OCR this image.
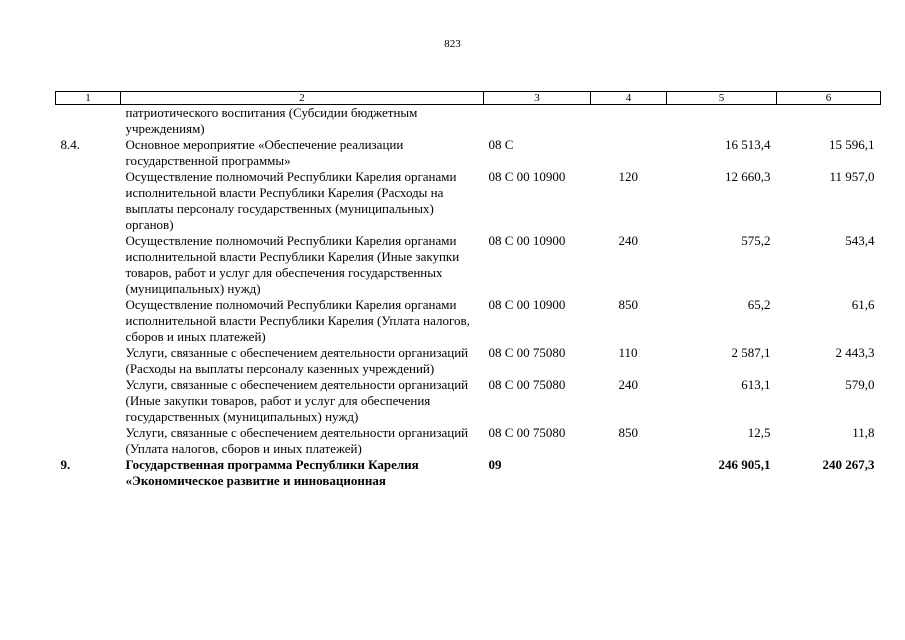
823
1	2	3	4	5	6
	патриотического воспитания (Субсидии бюджетным учреждениям)				
8.4.	Основное мероприятие «Обеспечение реализации государственной программы»	08 С		16 513,4	15 596,1
	Осуществление полномочий Республики Карелия органами исполнительной власти Республики Карелия (Расходы на выплаты персоналу государственных (муниципальных) органов)	08 С 00 10900	120	12 660,3	11 957,0
	Осуществление полномочий Республики Карелия органами исполнительной власти Республики Карелия (Иные закупки товаров, работ и услуг для обеспечения государственных (муниципальных) нужд)	08 С 00 10900	240	575,2	543,4
	Осуществление полномочий Республики Карелия органами исполнительной власти Республики Карелия (Уплата налогов, сборов и иных платежей)	08 С 00 10900	850	65,2	61,6
	Услуги, связанные с обеспечением деятельности организаций (Расходы на выплаты персоналу казенных учреждений)	08 С 00 75080	110	2 587,1	2 443,3
	Услуги, связанные с обеспечением деятельности организаций (Иные закупки товаров, работ и услуг для обеспечения государственных (муниципальных) нужд)	08 С 00 75080	240	613,1	579,0
	Услуги, связанные с обеспечением деятельности организаций (Уплата налогов, сборов и иных платежей)	08 С 00 75080	850	12,5	11,8
9.	Государственная программа Республики Карелия «Экономическое развитие и инновационная	09		246 905,1	240 267,3
